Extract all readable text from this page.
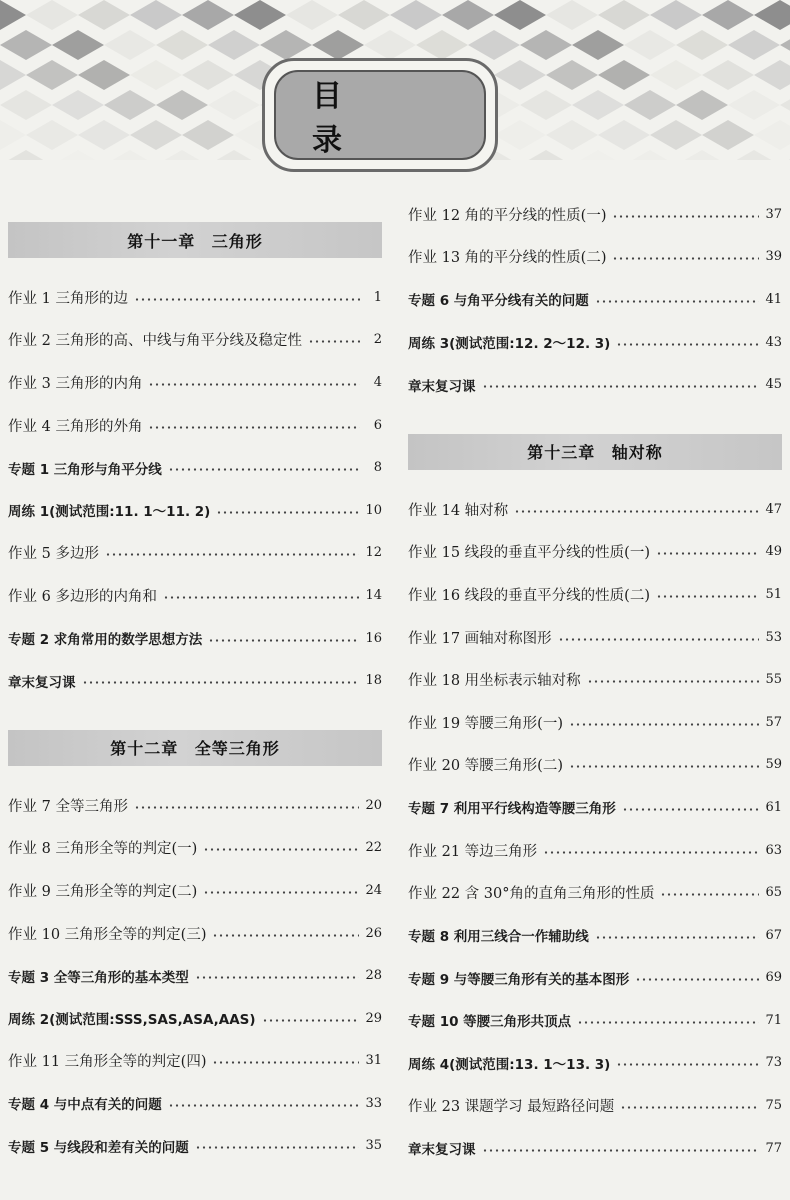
目 录
第十一章 三角形
作业 1 三角形的边	1
作业 2 三角形的高、中线与角平分线及稳定性	2
作业 3 三角形的内角	4
作业 4 三角形的外角	6
专题 1 三角形与角平分线	8
周练 1(测试范围:11. 1～11. 2)	10
作业 5 多边形	12
作业 6 多边形的内角和	14
专题 2 求角常用的数学思想方法	16
章末复习课	18
第十二章 全等三角形
作业 7 全等三角形	20
作业 8 三角形全等的判定(一)	22
作业 9 三角形全等的判定(二)	24
作业 10 三角形全等的判定(三)	26
专题 3 全等三角形的基本类型	28
周练 2(测试范围:SSS,SAS,ASA,AAS)	29
作业 11 三角形全等的判定(四)	31
专题 4 与中点有关的问题	33
专题 5 与线段和差有关的问题	35
作业 12 角的平分线的性质(一)	37
作业 13 角的平分线的性质(二)	39
专题 6 与角平分线有关的问题	41
周练 3(测试范围:12. 2～12. 3)	43
章末复习课	45
第十三章 轴对称
作业 14 轴对称	47
作业 15 线段的垂直平分线的性质(一)	49
作业 16 线段的垂直平分线的性质(二)	51
作业 17 画轴对称图形	53
作业 18 用坐标表示轴对称	55
作业 19 等腰三角形(一)	57
作业 20 等腰三角形(二)	59
专题 7 利用平行线构造等腰三角形	61
作业 21 等边三角形	63
作业 22 含 30°角的直角三角形的性质	65
专题 8 利用三线合一作辅助线	67
专题 9 与等腰三角形有关的基本图形	69
专题 10 等腰三角形共顶点	71
周练 4(测试范围:13. 1～13. 3)	73
作业 23 课题学习 最短路径问题	75
章末复习课	77
